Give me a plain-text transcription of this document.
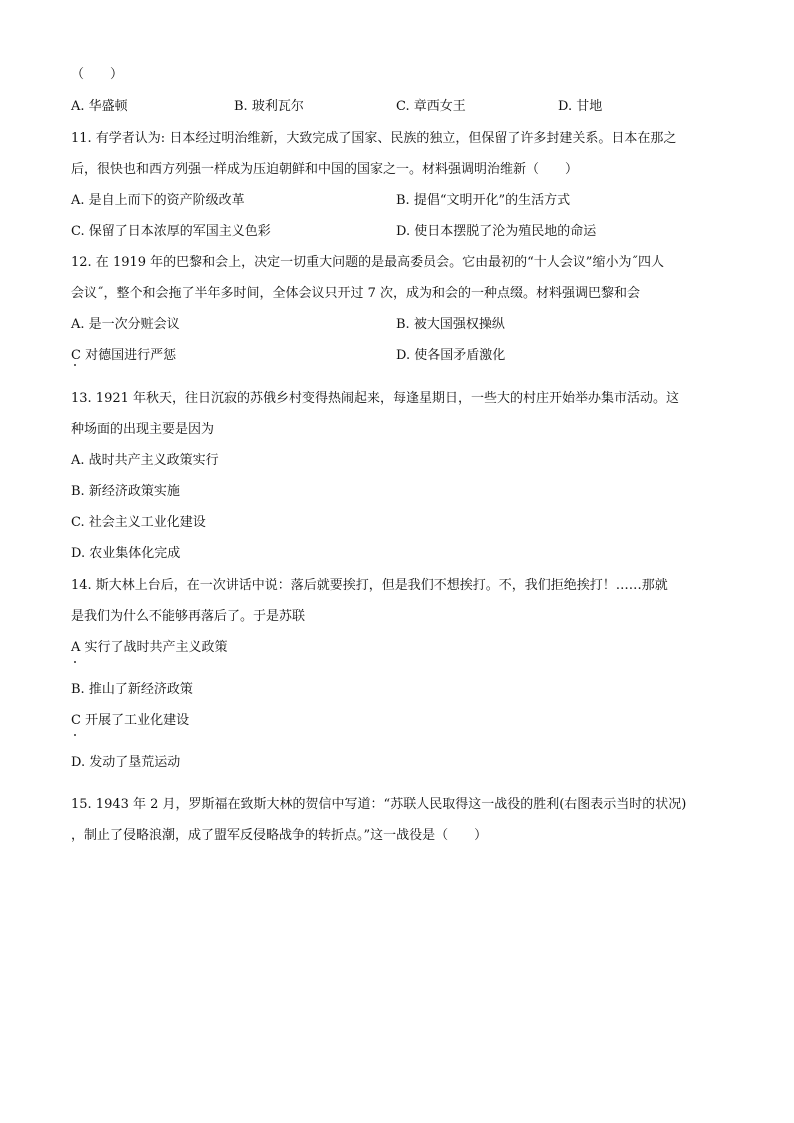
（　　）
A. 华盛顿	B. 玻利瓦尔	C. 章西女王	D. 甘地
11. 有学者认为: 日本经过明治维新，大致完成了国家、民族的独立，但保留了许多封建关系。日本在那之
后，很快也和西方列强一样成为压迫朝鲜和中国的国家之一。材料强调明治维新（　　）
A. 是自上而下的资产阶级改革	B. 提倡“文明开化”的生活方式
C. 保留了日本浓厚的军国主义色彩	D. 使日本摆脱了沦为殖民地的命运
12. 在 1919 年的巴黎和会上，决定一切重大问题的是最高委员会。它由最初的“十人会议”缩小为˝四人
会议˝，整个和会拖了半年多时间，全体会议只开过 7 次，成为和会的一种点缀。材料强调巴黎和会
A. 是一次分赃会议	B. 被大国强权操纵
C 对德国进行严惩	D. 使各国矛盾激化
13. 1921 年秋天，往日沉寂的苏俄乡村变得热闹起来，每逢星期日，一些大的村庄开始举办集市活动。这
种场面的出现主要是因为
A. 战时共产主义政策实行
B. 新经济政策实施
C. 社会主义工业化建设
D. 农业集体化完成
14. 斯大林上台后，在一次讲话中说：落后就要挨打，但是我们不想挨打。不，我们拒绝挨打！……那就
是我们为什么不能够再落后了。于是苏联
A 实行了战时共产主义政策
B. 推山了新经济政策
C 开展了工业化建设
D. 发动了垦荒运动
15. 1943 年 2 月，罗斯福在致斯大林的贺信中写道：“苏联人民取得这一战役的胜利(右图表示当时的状况)
，制止了侵略浪潮，成了盟军反侵略战争的转折点。”这一战役是（　　）
